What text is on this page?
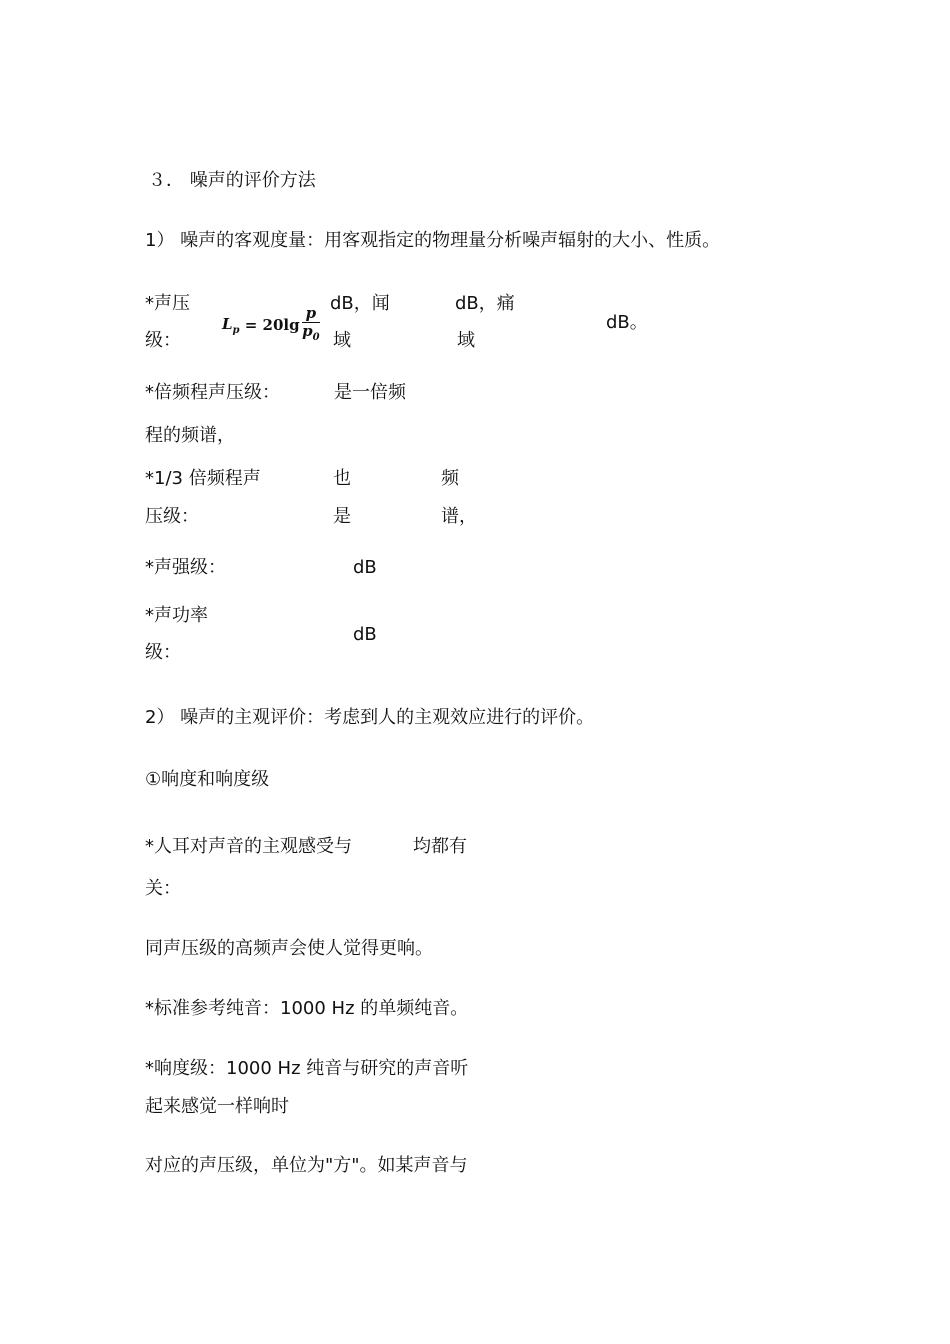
３． 噪声的评价方法
1） 噪声的客观度量：用客观指定的物理量分析噪声辐射的大小、性质。
*声压
级：
$L_p = 20\lg \frac{p}{p_0}$
dB，闻
域
dB，痛
域
dB。
*倍频程声压级：	是一倍频
程的频谱，
*1/3 倍频程声	也	频
压级：	是	谱，
*声强级：	dB
*声功率
级：
dB
2） 噪声的主观评价：考虑到人的主观效应进行的评价。
①响度和响度级
*人耳对声音的主观感受与	均都有
关：
同声压级的高频声会使人觉得更响。
*标准参考纯音：1000 Hz 的单频纯音。
*响度级：1000 Hz 纯音与研究的声音听
起来感觉一样响时
对应的声压级，单位为"方"。如某声音与
